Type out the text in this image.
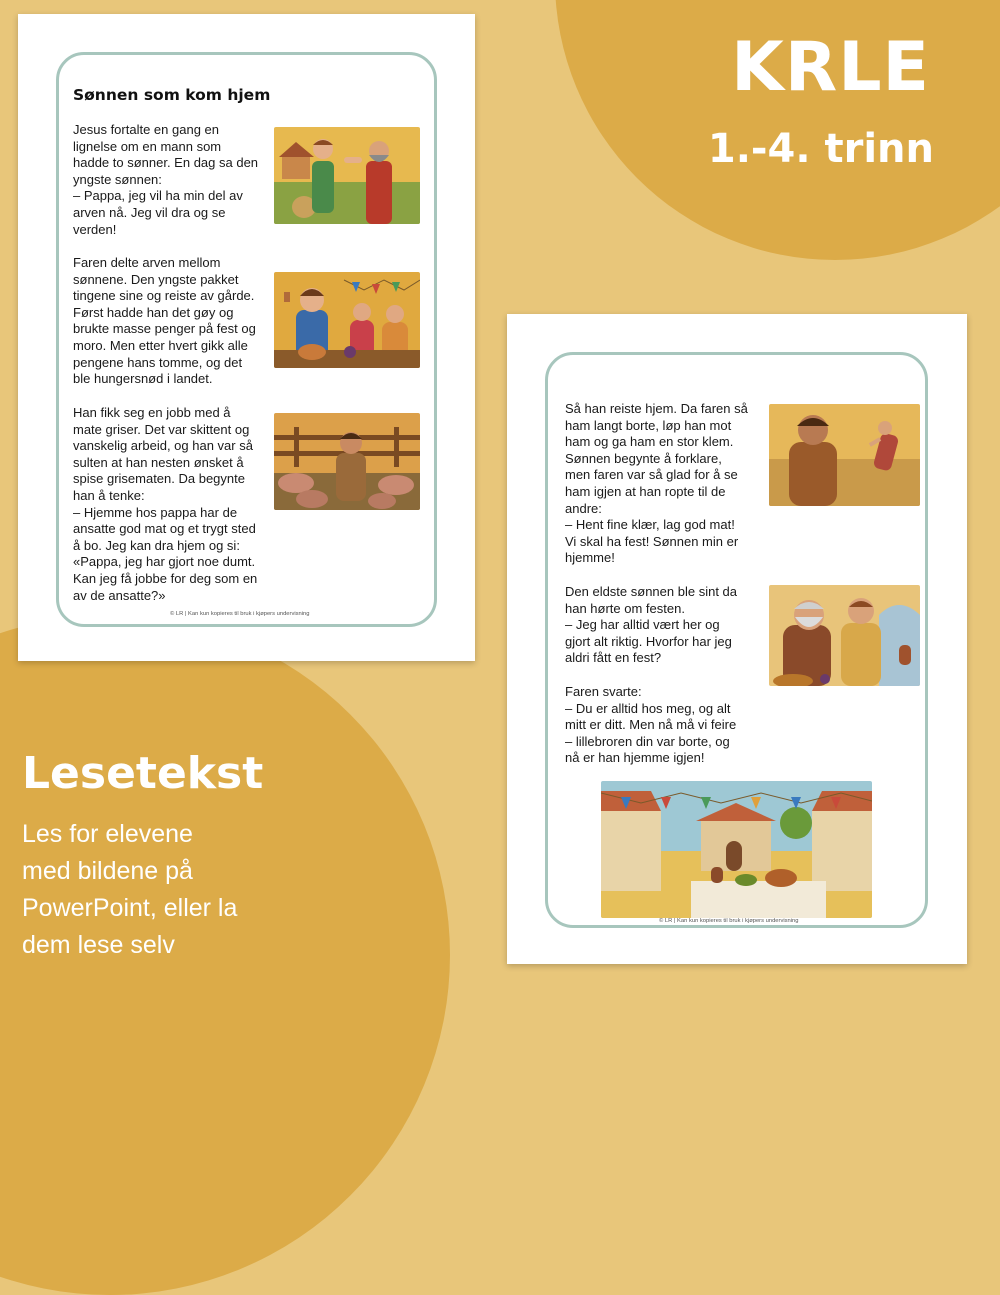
KRLE
1.-4. trinn
Lesetekst
Les for elevene
med bildene på
PowerPoint, eller la
dem lese selv
Sønnen som kom hjem
Jesus fortalte en gang en
lignelse om en mann som
hadde to sønner. En dag sa den
yngste sønnen:
– Pappa, jeg vil ha min del av
arven nå. Jeg vil dra og se
verden!
Faren delte arven mellom
sønnene. Den yngste pakket
tingene sine og reiste av gårde.
Først hadde han det gøy og
brukte masse penger på fest og
moro. Men etter hvert gikk alle
pengene hans tomme, og det
ble hungersnød i landet.
Han fikk seg en jobb med å
mate griser. Det var skittent og
vanskelig arbeid, og han var så
sulten at han nesten ønsket å
spise grisematen. Da begynte
han å tenke:
– Hjemme hos pappa har de
ansatte god mat og et trygt sted
å bo. Jeg kan dra hjem og si:
«Pappa, jeg har gjort noe dumt.
Kan jeg få jobbe for deg som en
av de ansatte?»
© LR | Kan kun kopieres til bruk i kjøpers undervisning
Så han reiste hjem. Da faren så
ham langt borte, løp han mot
ham og ga ham en stor klem.
Sønnen begynte å forklare,
men faren var så glad for å se
ham igjen at han ropte til de
andre:
– Hent fine klær, lag god mat!
Vi skal ha fest! Sønnen min er
hjemme!
Den eldste sønnen ble sint da
han hørte om festen.
– Jeg har alltid vært her og
gjort alt riktig. Hvorfor har jeg
aldri fått en fest?
Faren svarte:
– Du er alltid hos meg, og alt
mitt er ditt. Men nå må vi feire
– lillebroren din var borte, og
nå er han hjemme igjen!
© LR | Kan kun kopieres til bruk i kjøpers undervisning
